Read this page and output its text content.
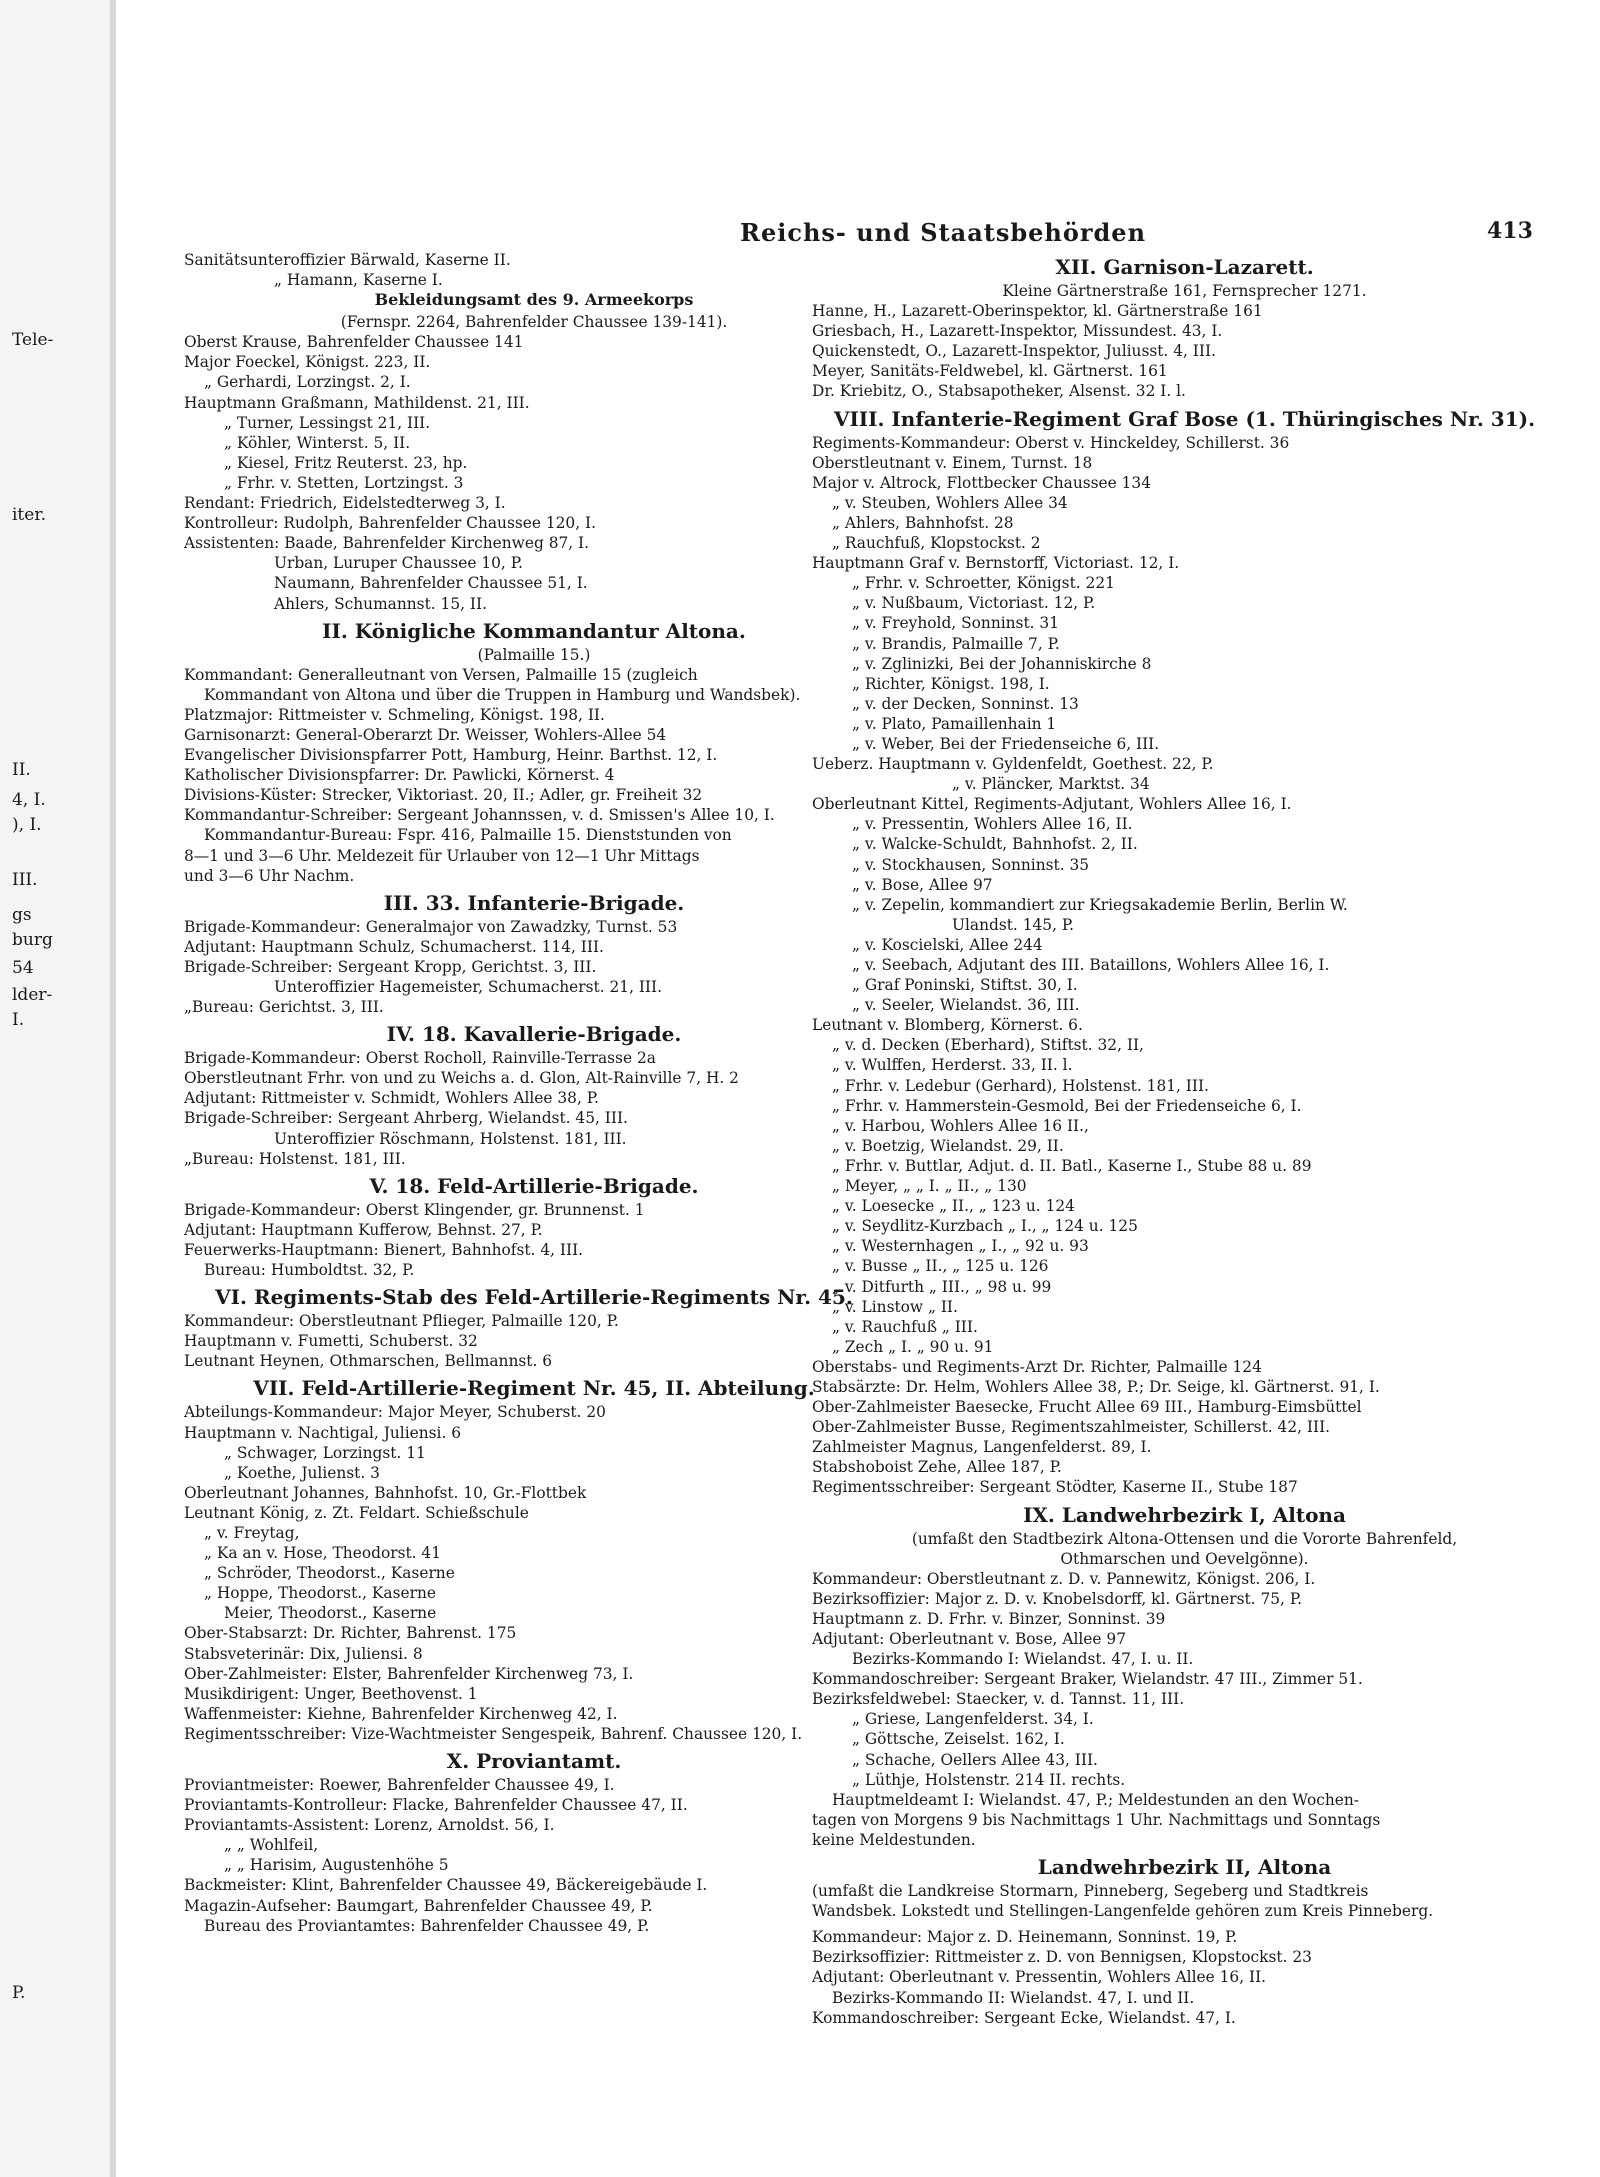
Tele-
iter.
II.
4, I.
), I.
III.
gs
burg
54
lder-
I.
P.
Reichs- und Staatsbehörden	413
Sanitätsunteroffizier Bärwald, Kaserne II.
„ Hamann, Kaserne I.
Bekleidungsamt des 9. Armeekorps
(Fernspr. 2264, Bahrenfelder Chaussee 139-141).
Oberst Krause, Bahrenfelder Chaussee 141
Major Foeckel, Königst. 223, II.
„ Gerhardi, Lorzingst. 2, I.
Hauptmann Graßmann, Mathildenst. 21, III.
„ Turner, Lessingst 21, III.
„ Köhler, Winterst. 5, II.
„ Kiesel, Fritz Reuterst. 23, hp.
„ Frhr. v. Stetten, Lortzingst. 3
Rendant: Friedrich, Eidelstedterweg 3, I.
Kontrolleur: Rudolph, Bahrenfelder Chaussee 120, I.
Assistenten: Baade, Bahrenfelder Kirchenweg 87, I.
Urban, Luruper Chaussee 10, P.
Naumann, Bahrenfelder Chaussee 51, I.
Ahlers, Schumannst. 15, II.
II. Königliche Kommandantur Altona.
(Palmaille 15.)
Kommandant: Generalleutnant von Versen, Palmaille 15 (zugleich
Kommandant von Altona und über die Truppen in Hamburg und Wandsbek).
Platzmajor: Rittmeister v. Schmeling, Königst. 198, II.
Garnisonarzt: General-Oberarzt Dr. Weisser, Wohlers-Allee 54
Evangelischer Divisionspfarrer Pott, Hamburg, Heinr. Barthst. 12, I.
Katholischer Divisionspfarrer: Dr. Pawlicki, Körnerst. 4
Divisions-Küster: Strecker, Viktoriast. 20, II.; Adler, gr. Freiheit 32
Kommandantur-Schreiber: Sergeant Johannssen, v. d. Smissen's Allee 10, I.
Kommandantur-Bureau: Fspr. 416, Palmaille 15. Dienststunden von
8—1 und 3—6 Uhr. Meldezeit für Urlauber von 12—1 Uhr Mittags
und 3—6 Uhr Nachm.
III. 33. Infanterie-Brigade.
Brigade-Kommandeur: Generalmajor von Zawadzky, Turnst. 53
Adjutant: Hauptmann Schulz, Schumacherst. 114, III.
Brigade-Schreiber: Sergeant Kropp, Gerichtst. 3, III.
Unteroffizier Hagemeister, Schumacherst. 21, III.
„Bureau: Gerichtst. 3, III.
IV. 18. Kavallerie-Brigade.
Brigade-Kommandeur: Oberst Rocholl, Rainville-Terrasse 2a
Oberstleutnant Frhr. von und zu Weichs a. d. Glon, Alt-Rainville 7, H. 2
Adjutant: Rittmeister v. Schmidt, Wohlers Allee 38, P.
Brigade-Schreiber: Sergeant Ahrberg, Wielandst. 45, III.
Unteroffizier Röschmann, Holstenst. 181, III.
„Bureau: Holstenst. 181, III.
V. 18. Feld-Artillerie-Brigade.
Brigade-Kommandeur: Oberst Klingender, gr. Brunnenst. 1
Adjutant: Hauptmann Kufferow, Behnst. 27, P.
Feuerwerks-Hauptmann: Bienert, Bahnhofst. 4, III.
Bureau: Humboldtst. 32, P.
VI. Regiments-Stab des Feld-Artillerie-Regiments Nr. 45.
Kommandeur: Oberstleutnant Pflieger, Palmaille 120, P.
Hauptmann v. Fumetti, Schuberst. 32
Leutnant Heynen, Othmarschen, Bellmannst. 6
VII. Feld-Artillerie-Regiment Nr. 45, II. Abteilung.
Abteilungs-Kommandeur: Major Meyer, Schuberst. 20
Hauptmann v. Nachtigal, Juliensi. 6
„ Schwager, Lorzingst. 11
„ Koethe, Julienst. 3
Oberleutnant Johannes, Bahnhofst. 10, Gr.-Flottbek
Leutnant König, z. Zt. Feldart. Schießschule
„ v. Freytag,
„ Ka an v. Hose, Theodorst. 41
„ Schröder, Theodorst., Kaserne
„ Hoppe, Theodorst., Kaserne
Meier, Theodorst., Kaserne
Ober-Stabsarzt: Dr. Richter, Bahrenst. 175
Stabsveterinär: Dix, Juliensi. 8
Ober-Zahlmeister: Elster, Bahrenfelder Kirchenweg 73, I.
Musikdirigent: Unger, Beethovenst. 1
Waffenmeister: Kiehne, Bahrenfelder Kirchenweg 42, I.
Regimentsschreiber: Vize-Wachtmeister Sengespeik, Bahrenf. Chaussee 120, I.
X. Proviantamt.
Proviantmeister: Roewer, Bahrenfelder Chaussee 49, I.
Proviantamts-Kontrolleur: Flacke, Bahrenfelder Chaussee 47, II.
Proviantamts-Assistent: Lorenz, Arnoldst. 56, I.
„ „ Wohlfeil,
„ „ Harisim, Augustenhöhe 5
Backmeister: Klint, Bahrenfelder Chaussee 49, Bäckereigebäude I.
Magazin-Aufseher: Baumgart, Bahrenfelder Chaussee 49, P.
Bureau des Proviantamtes: Bahrenfelder Chaussee 49, P.
XII. Garnison-Lazarett.
Kleine Gärtnerstraße 161, Fernsprecher 1271.
Hanne, H., Lazarett-Oberinspektor, kl. Gärtnerstraße 161
Griesbach, H., Lazarett-Inspektor, Missundest. 43, I.
Quickenstedt, O., Lazarett-Inspektor, Juliusst. 4, III.
Meyer, Sanitäts-Feldwebel, kl. Gärtnerst. 161
Dr. Kriebitz, O., Stabsapotheker, Alsenst. 32 I. l.
VIII. Infanterie-Regiment Graf Bose (1. Thüringisches Nr. 31).
Regiments-Kommandeur: Oberst v. Hinckeldey, Schillerst. 36
Oberstleutnant v. Einem, Turnst. 18
Major v. Altrock, Flottbecker Chaussee 134
„ v. Steuben, Wohlers Allee 34
„ Ahlers, Bahnhofst. 28
„ Rauchfuß, Klopstockst. 2
Hauptmann Graf v. Bernstorff, Victoriast. 12, I.
„ Frhr. v. Schroetter, Königst. 221
„ v. Nußbaum, Victoriast. 12, P.
„ v. Freyhold, Sonninst. 31
„ v. Brandis, Palmaille 7, P.
„ v. Zglinizki, Bei der Johanniskirche 8
„ Richter, Königst. 198, I.
„ v. der Decken, Sonninst. 13
„ v. Plato, Pamaillenhain 1
„ v. Weber, Bei der Friedenseiche 6, III.
Ueberz. Hauptmann v. Gyldenfeldt, Goethest. 22, P.
„ v. Pläncker, Marktst. 34
Oberleutnant Kittel, Regiments-Adjutant, Wohlers Allee 16, I.
„ v. Pressentin, Wohlers Allee 16, II.
„ v. Walcke-Schuldt, Bahnhofst. 2, II.
„ v. Stockhausen, Sonninst. 35
„ v. Bose, Allee 97
„ v. Zepelin, kommandiert zur Kriegsakademie Berlin, Berlin W.
Ulandst. 145, P.
„ v. Koscielski, Allee 244
„ v. Seebach, Adjutant des III. Bataillons, Wohlers Allee 16, I.
„ Graf Poninski, Stiftst. 30, I.
„ v. Seeler, Wielandst. 36, III.
Leutnant v. Blomberg, Körnerst. 6.
„ v. d. Decken (Eberhard), Stiftst. 32, II,
„ v. Wulffen, Herderst. 33, II. l.
„ Frhr. v. Ledebur (Gerhard), Holstenst. 181, III.
„ Frhr. v. Hammerstein-Gesmold, Bei der Friedenseiche 6, I.
„ v. Harbou, Wohlers Allee 16 II.,
„ v. Boetzig, Wielandst. 29, II.
„ Frhr. v. Buttlar, Adjut. d. II. Batl., Kaserne I., Stube 88 u. 89
„ Meyer, „ „ I. „ II., „ 130
„ v. Loesecke „ II., „ 123 u. 124
„ v. Seydlitz-Kurzbach „ I., „ 124 u. 125
„ v. Westernhagen „ I., „ 92 u. 93
„ v. Busse „ II., „ 125 u. 126
„ v. Ditfurth „ III., „ 98 u. 99
„ v. Linstow „ II.
„ v. Rauchfuß „ III.
„ Zech „ I. „ 90 u. 91
Oberstabs- und Regiments-Arzt Dr. Richter, Palmaille 124
Stabsärzte: Dr. Helm, Wohlers Allee 38, P.; Dr. Seige, kl. Gärtnerst. 91, I.
Ober-Zahlmeister Baesecke, Frucht Allee 69 III., Hamburg-Eimsbüttel
Ober-Zahlmeister Busse, Regimentszahlmeister, Schillerst. 42, III.
Zahlmeister Magnus, Langenfelderst. 89, I.
Stabshoboist Zehe, Allee 187, P.
Regimentsschreiber: Sergeant Stödter, Kaserne II., Stube 187
IX. Landwehrbezirk I, Altona
(umfaßt den Stadtbezirk Altona-Ottensen und die Vororte Bahrenfeld,
Othmarschen und Oevelgönne).
Kommandeur: Oberstleutnant z. D. v. Pannewitz, Königst. 206, I.
Bezirksoffizier: Major z. D. v. Knobelsdorff, kl. Gärtnerst. 75, P.
Hauptmann z. D. Frhr. v. Binzer, Sonninst. 39
Adjutant: Oberleutnant v. Bose, Allee 97
Bezirks-Kommando I: Wielandst. 47, I. u. II.
Kommandoschreiber: Sergeant Braker, Wielandstr. 47 III., Zimmer 51.
Bezirksfeldwebel: Staecker, v. d. Tannst. 11, III.
„ Griese, Langenfelderst. 34, I.
„ Göttsche, Zeiselst. 162, I.
„ Schache, Oellers Allee 43, III.
„ Lüthje, Holstenstr. 214 II. rechts.
Hauptmeldeamt I: Wielandst. 47, P.; Meldestunden an den Wochen-
tagen von Morgens 9 bis Nachmittags 1 Uhr. Nachmittags und Sonntags
keine Meldestunden.
Landwehrbezirk II, Altona
(umfaßt die Landkreise Stormarn, Pinneberg, Segeberg und Stadtkreis
Wandsbek. Lokstedt und Stellingen-Langenfelde gehören zum Kreis Pinneberg.
Kommandeur: Major z. D. Heinemann, Sonninst. 19, P.
Bezirksoffizier: Rittmeister z. D. von Bennigsen, Klopstockst. 23
Adjutant: Oberleutnant v. Pressentin, Wohlers Allee 16, II.
Bezirks-Kommando II: Wielandst. 47, I. und II.
Kommandoschreiber: Sergeant Ecke, Wielandst. 47, I.
